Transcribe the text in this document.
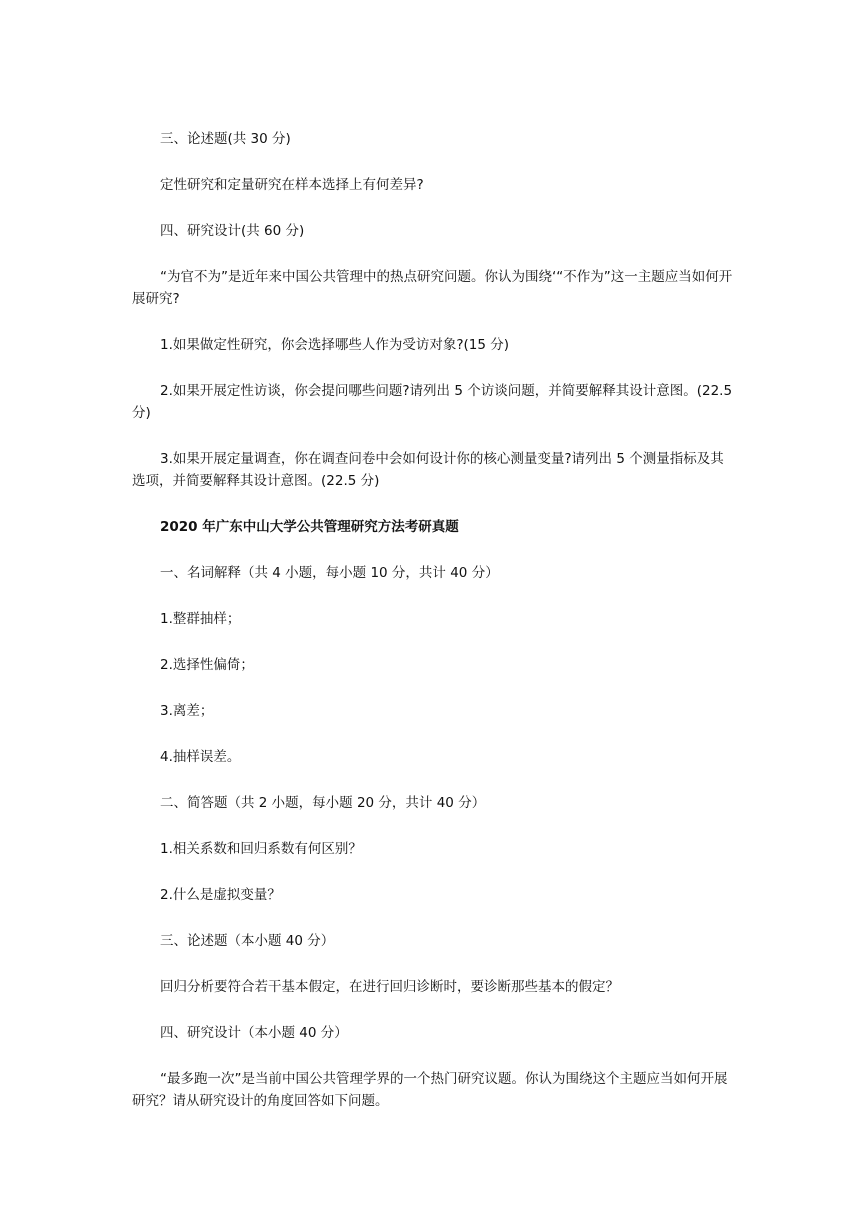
三、论述题(共 30 分)

定性研究和定量研究在样本选择上有何差异?

四、研究设计(共 60 分)

“为官不为”是近年来中国公共管理中的热点研究问题。你认为围绕‘“不作为”这一主题应当如何开展研究?

1.如果做定性研究，你会选择哪些人作为受访对象?(15 分)

2.如果开展定性访谈，你会提问哪些问题?请列出 5 个访谈问题，并简要解释其设计意图。(22.5 分)

3.如果开展定量调查，你在调查问卷中会如何设计你的核心测量变量?请列出 5 个测量指标及其选项，并简要解释其设计意图。(22.5 分)

2020 年广东中山大学公共管理研究方法考研真题

一、名词解释（共 4 小题，每小题 10 分，共计 40 分）

1.整群抽样；

2.选择性偏倚；

3.离差；

4.抽样误差。

二、简答题（共 2 小题，每小题 20 分，共计 40 分）

1.相关系数和回归系数有何区别？

2.什么是虚拟变量？

三、论述题（本小题 40 分）

回归分析要符合若干基本假定，在进行回归诊断时，要诊断那些基本的假定？

四、研究设计（本小题 40 分）

“最多跑一次”是当前中国公共管理学界的一个热门研究议题。你认为围绕这个主题应当如何开展研究？请从研究设计的角度回答如下问题。
